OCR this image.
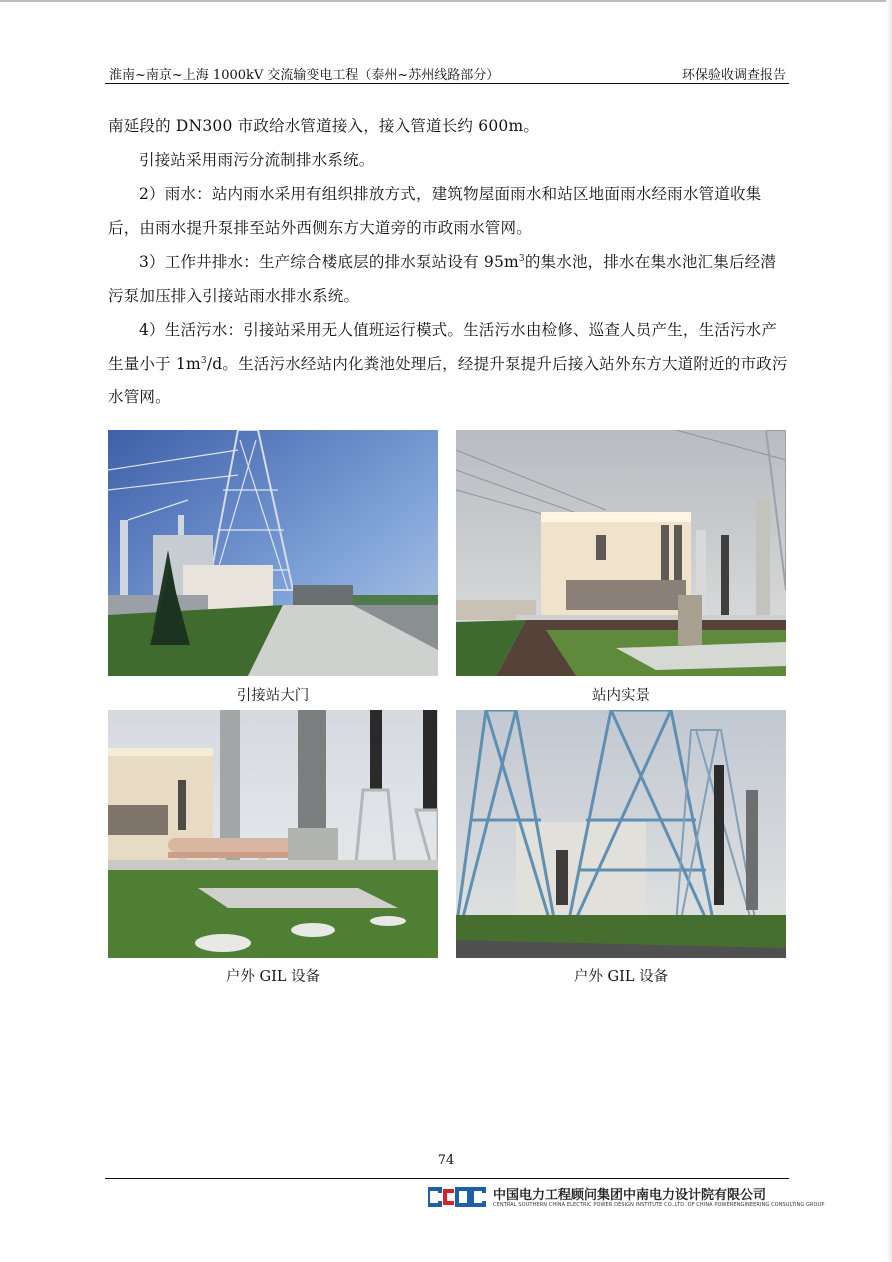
淮南~南京~上海 1000kV 交流输变电工程（泰州~苏州线路部分）	环保验收调查报告
南延段的 DN300 市政给水管道接入，接入管道长约 600m。
引接站采用雨污分流制排水系统。
2）雨水：站内雨水采用有组织排放方式，建筑物屋面雨水和站区地面雨水经雨水管道收集后，由雨水提升泵排至站外西侧东方大道旁的市政雨水管网。
3）工作井排水：生产综合楼底层的排水泵站设有 $95m^3$的集水池，排水在集水池汇集后经潜污泵加压排入引接站雨水排水系统。
4）生活污水：引接站采用无人值班运行模式。生活污水由检修、巡查人员产生，生活污水产生量小于 $1m^3/d$。生活污水经站内化粪池处理后，经提升泵提升后接入站外东方大道附近的市政污水管网。
引接站大门	站内实景
户外 GIL 设备	户外 GIL 设备
74
中国电力工程顾问集团中南电力设计院有限公司
CENTRAL SOUTHERN CHINA ELECTRIC POWER DESIGN INSTITUTE CO.,LTD. OF CHINA POWERENGINEERING CONSULTING GROUP
